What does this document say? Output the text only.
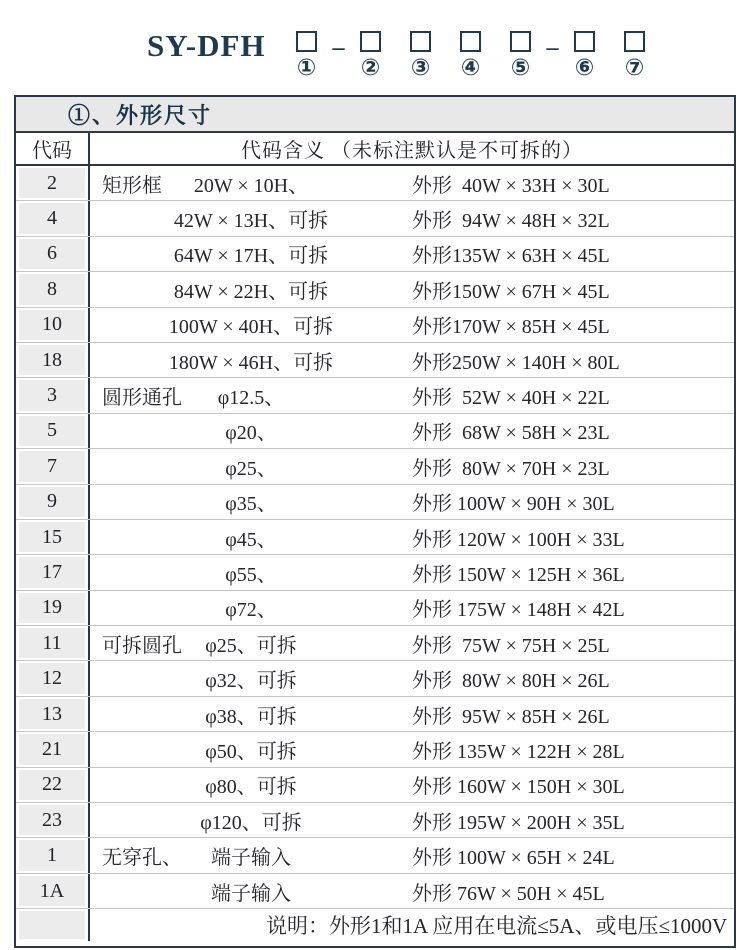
SY-DFH
①
–
② ③ ④ ⑤
–
⑥ ⑦
①、外形尺寸
代码	代码含义 （未标注默认是不可拆的）
2	矩形框 20W × 10H、	外形  40W × 33H × 30L
4	42W × 13H、可拆	外形  94W × 48H × 32L
6	64W × 17H、可拆	外形135W × 63H × 45L
8	84W × 22H、可拆	外形150W × 67H × 45L
10	100W × 40H、可拆	外形170W × 85H × 45L
18	180W × 46H、可拆	外形250W × 140H × 80L
3	圆形通孔 φ12.5、	外形  52W × 40H × 22L
5	φ20、	外形  68W × 58H × 23L
7	φ25、	外形  80W × 70H × 23L
9	φ35、	外形 100W × 90H × 30L
15	φ45、	外形 120W × 100H × 33L
17	φ55、	外形 150W × 125H × 36L
19	φ72、	外形 175W × 148H × 42L
11	可拆圆孔 φ25、可拆	外形  75W × 75H × 25L
12	φ32、可拆	外形  80W × 80H × 26L
13	φ38、可拆	外形  95W × 85H × 26L
21	φ50、可拆	外形 135W × 122H × 28L
22	φ80、可拆	外形 160W × 150H × 30L
23	φ120、可拆	外形 195W × 200H × 35L
1	无穿孔、 端子输入	外形 100W × 65H × 24L
1A	端子输入	外形 76W × 50H × 45L
说明：外形1和1A 应用在电流≤5A、或电压≤1000V
